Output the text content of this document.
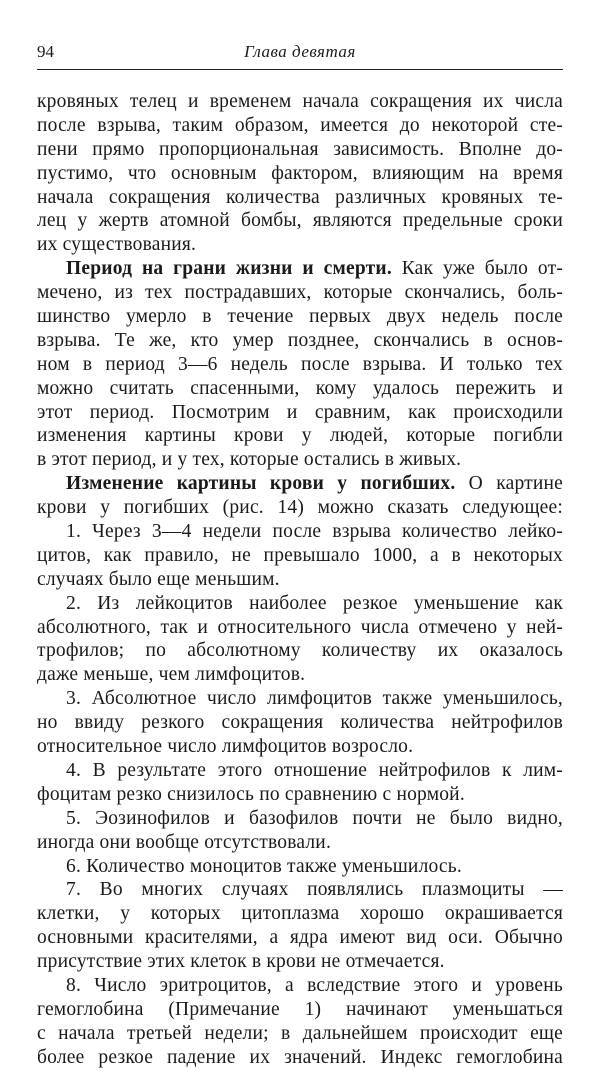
94	Глава девятая
кровяных телец и временем начала сокращения их числа
после взрыва, таким образом, имеется до некоторой сте-
пени прямо пропорциональная зависимость. Вполне до-
пустимо, что основным фактором, влияющим на время
начала сокращения количества различных кровяных те-
лец у жертв атомной бомбы, являются предельные сроки
их существования.
Период на грани жизни и смерти. Как уже было от-
мечено, из тех пострадавших, которые скончались, боль-
шинство умерло в течение первых двух недель после
взрыва. Те же, кто умер позднее, скончались в основ-
ном в период 3—6 недель после взрыва. И только тех
можно считать спасенными, кому удалось пережить и
этот период. Посмотрим и сравним, как происходили
изменения картины крови у людей, которые погибли
в этот период, и у тех, которые остались в живых.
Изменение картины крови у погибших. О картине
крови у погибших (рис. 14) можно сказать следующее:
1. Через 3—4 недели после взрыва количество лейко-
цитов, как правило, не превышало 1000, а в некоторых
случаях было еще меньшим.
2. Из лейкоцитов наиболее резкое уменьшение как
абсолютного, так и относительного числа отмечено у ней-
трофилов; по абсолютному количеству их оказалось
даже меньше, чем лимфоцитов.
3. Абсолютное число лимфоцитов также уменьшилось,
но ввиду резкого сокращения количества нейтрофилов
относительное число лимфоцитов возросло.
4. В результате этого отношение нейтрофилов к лим-
фоцитам резко снизилось по сравнению с нормой.
5. Эозинофилов и базофилов почти не было видно,
иногда они вообще отсутствовали.
6. Количество моноцитов также уменьшилось.
7. Во многих случаях появлялись плазмоциты —
клетки, у которых цитоплазма хорошо окрашивается
основными красителями, а ядра имеют вид оси. Обычно
присутствие этих клеток в крови не отмечается.
8. Число эритроцитов, а вследствие этого и уровень
гемоглобина (Примечание 1) начинают уменьшаться
с начала третьей недели; в дальнейшем происходит еще
более резкое падение их значений. Индекс гемоглобина
